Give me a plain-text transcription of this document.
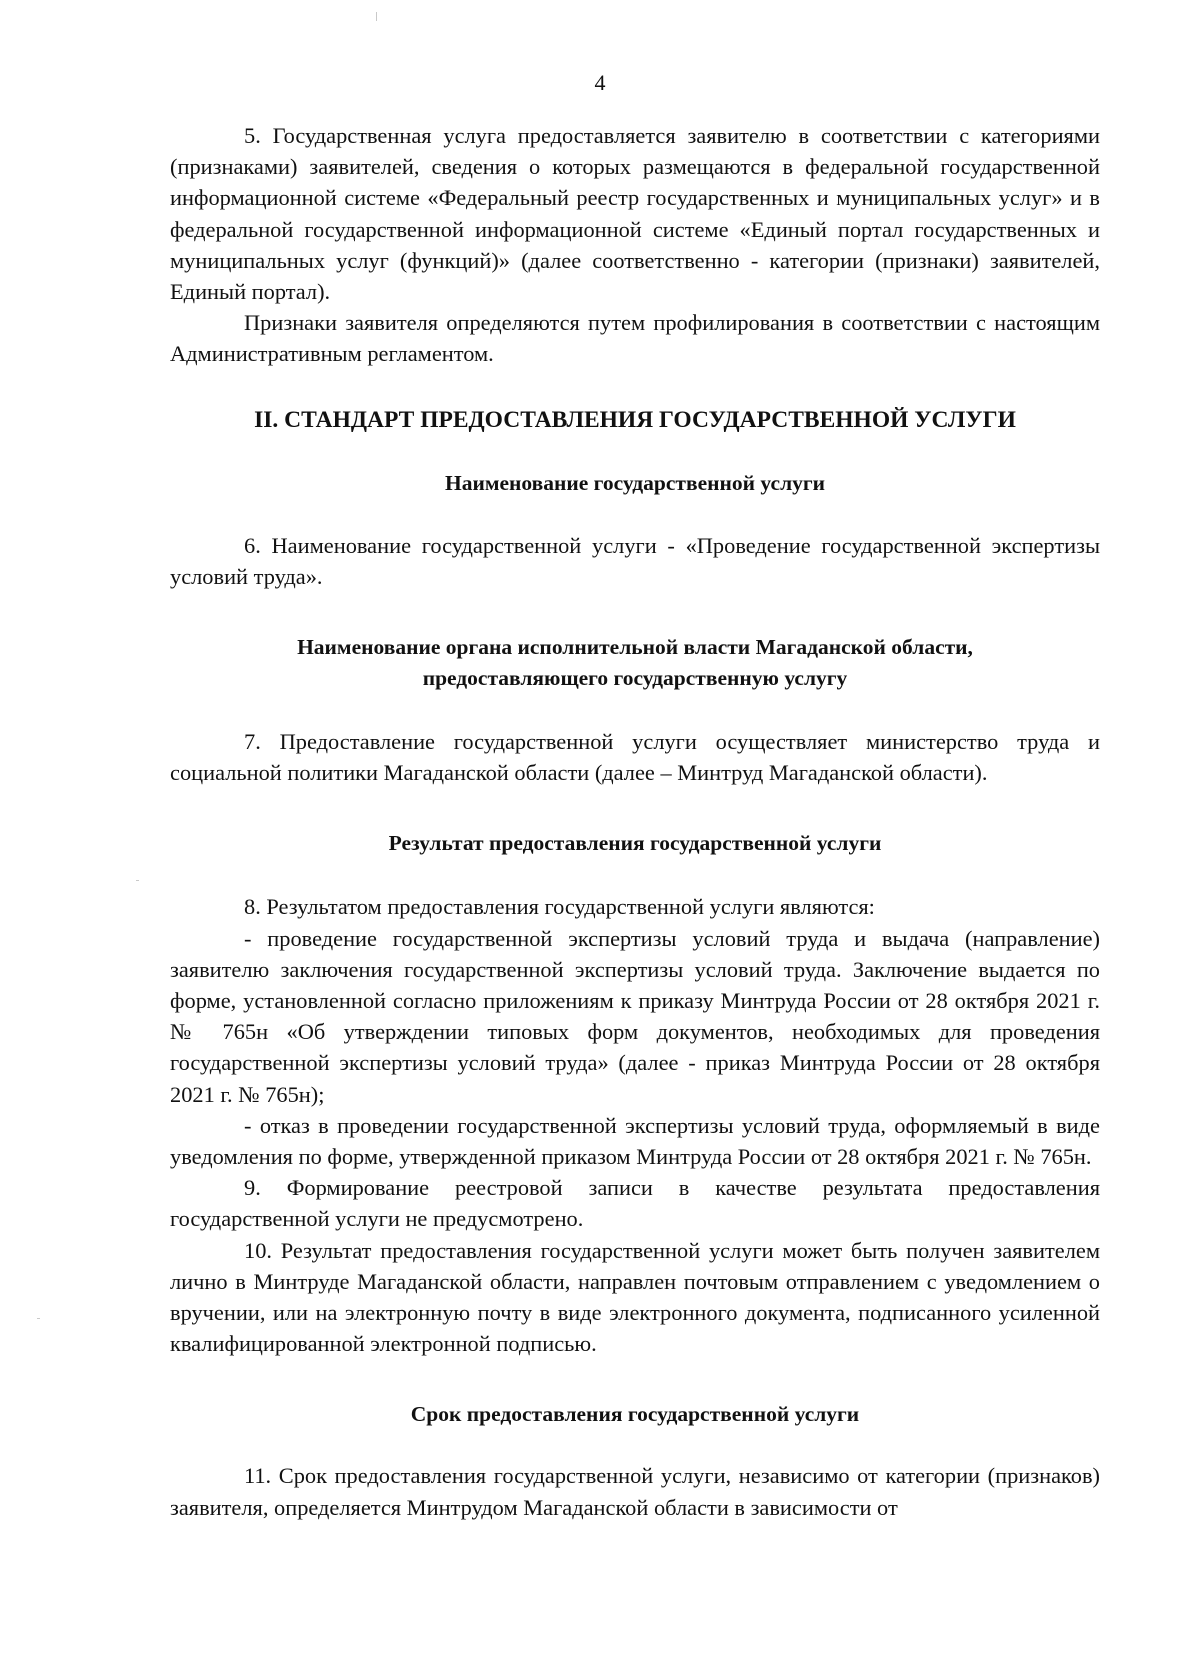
4

5. Государственная услуга предоставляется заявителю в соответствии с категориями (признаками) заявителей, сведения о которых размещаются в федеральной государственной информационной системе «Федеральный реестр государственных и муниципальных услуг» и в федеральной государственной информационной системе «Единый портал государственных и муниципальных услуг (функций)» (далее соответственно - категории (признаки) заявителей, Единый портал).

Признаки заявителя определяются путем профилирования в соответствии с настоящим Административным регламентом.

II. СТАНДАРТ ПРЕДОСТАВЛЕНИЯ ГОСУДАРСТВЕННОЙ УСЛУГИ
Наименование государственной услуги

6. Наименование государственной услуги - «Проведение государственной экспертизы условий труда».

Наименование органа исполнительной власти Магаданской области,
предоставляющего государственную услугу

7. Предоставление государственной услуги осуществляет министерство труда и социальной политики Магаданской области (далее – Минтруд Магаданской области).

Результат предоставления государственной услуги

8. Результатом предоставления государственной услуги являются:

- проведение государственной экспертизы условий труда и выдача (направление) заявителю заключения государственной экспертизы условий труда. Заключение выдается по форме, установленной согласно приложениям к приказу Минтруда России от 28 октября 2021 г. № 765н «Об утверждении типовых форм документов, необходимых для проведения государственной экспертизы условий труда» (далее - приказ Минтруда России от 28 октября 2021 г. № 765н);

- отказ в проведении государственной экспертизы условий труда, оформляемый в виде уведомления по форме, утвержденной приказом Минтруда России от 28 октября 2021 г. № 765н.

9. Формирование реестровой записи в качестве результата предоставления государственной услуги не предусмотрено.

10. Результат предоставления государственной услуги может быть получен заявителем лично в Минтруде Магаданской области, направлен почтовым отправлением с уведомлением о вручении, или на электронную почту в виде электронного документа, подписанного усиленной квалифицированной электронной подписью.

Срок предоставления государственной услуги

11. Срок предоставления государственной услуги, независимо от категории (признаков) заявителя, определяется Минтрудом Магаданской области в зависимости от
